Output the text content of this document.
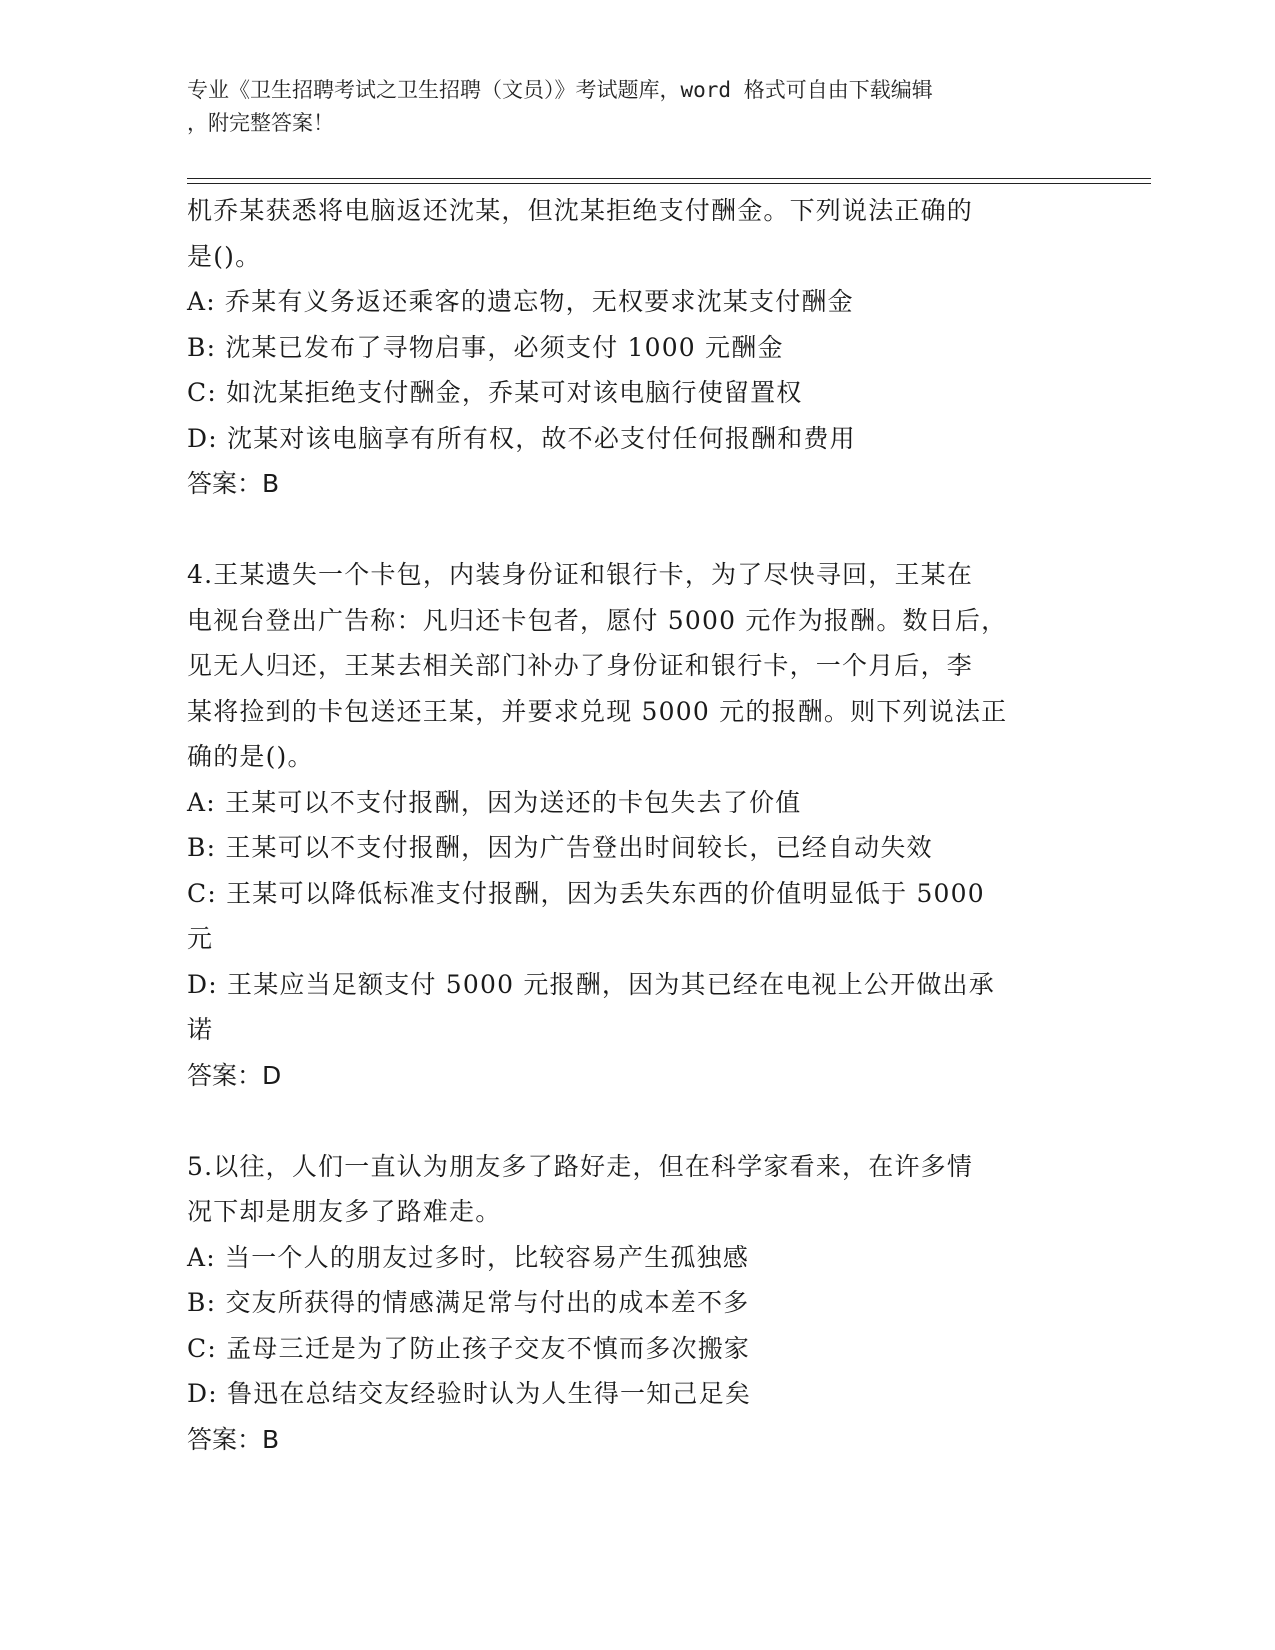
专业《卫生招聘考试之卫生招聘（文员）》考试题库，word 格式可自由下载编辑
，附完整答案！
机乔某获悉将电脑返还沈某，但沈某拒绝支付酬金。下列说法正确的
是()。
A: 乔某有义务返还乘客的遗忘物，无权要求沈某支付酬金
B: 沈某已发布了寻物启事，必须支付 1000 元酬金
C: 如沈某拒绝支付酬金，乔某可对该电脑行使留置权
D: 沈某对该电脑享有所有权，故不必支付任何报酬和费用
答案：B
4.王某遗失一个卡包，内装身份证和银行卡，为了尽快寻回，王某在
电视台登出广告称：凡归还卡包者，愿付 5000 元作为报酬。数日后，
见无人归还，王某去相关部门补办了身份证和银行卡，一个月后，李
某将捡到的卡包送还王某，并要求兑现 5000 元的报酬。则下列说法正
确的是()。
A: 王某可以不支付报酬，因为送还的卡包失去了价值
B: 王某可以不支付报酬，因为广告登出时间较长，已经自动失效
C: 王某可以降低标准支付报酬，因为丢失东西的价值明显低于 5000
元
D: 王某应当足额支付 5000 元报酬，因为其已经在电视上公开做出承
诺
答案：D
5.以往，人们一直认为朋友多了路好走，但在科学家看来，在许多情
况下却是朋友多了路难走。
A: 当一个人的朋友过多时，比较容易产生孤独感
B: 交友所获得的情感满足常与付出的成本差不多
C: 孟母三迁是为了防止孩子交友不慎而多次搬家
D: 鲁迅在总结交友经验时认为人生得一知己足矣
答案：B
